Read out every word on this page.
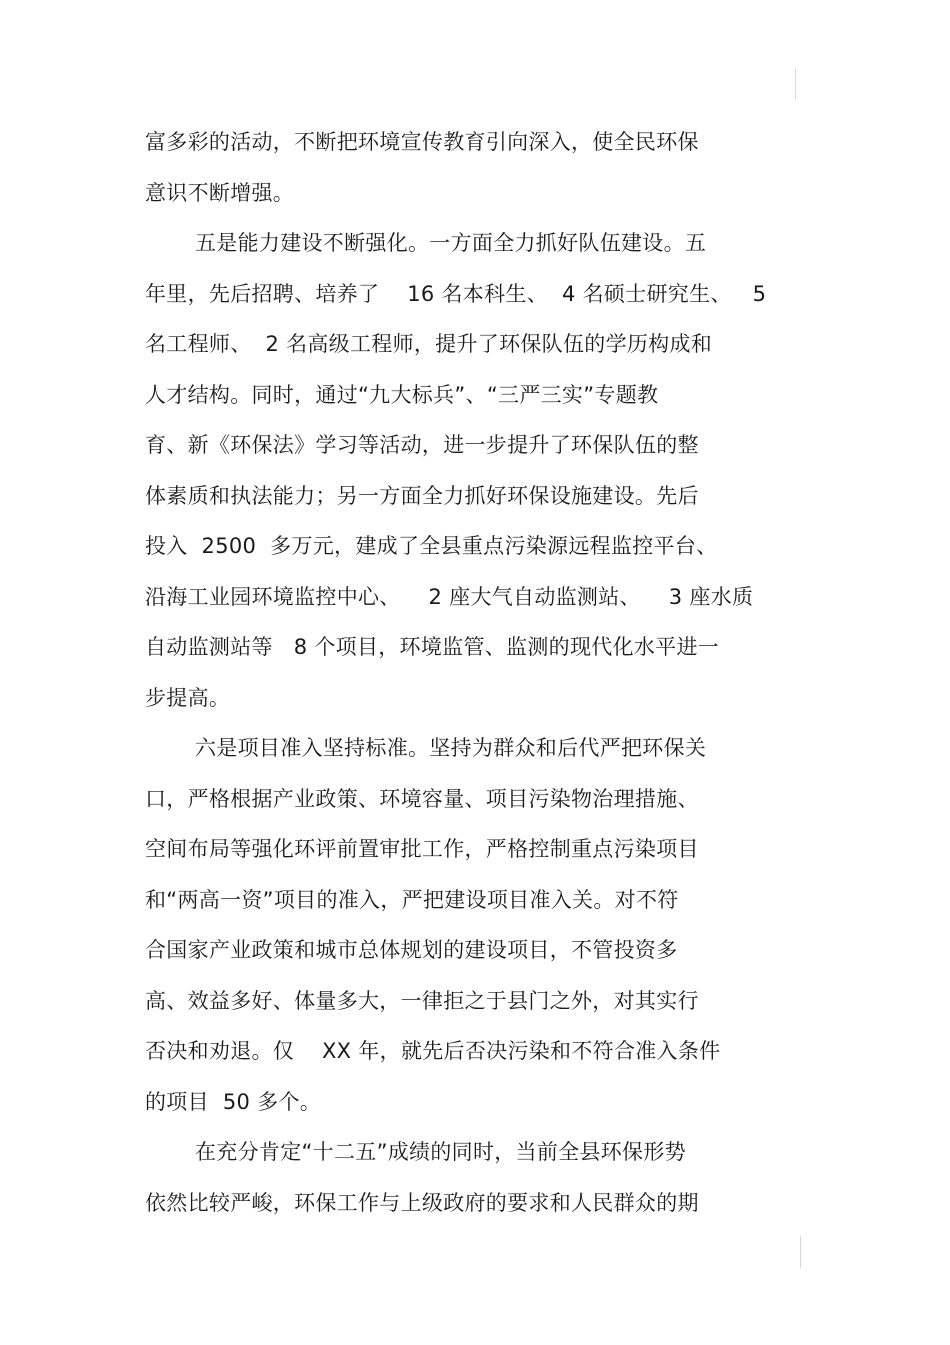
富多彩的活动，不断把环境宣传教育引向深入，使全民环保
意识不断增强。
五是能力建设不断强化。一方面全力抓好队伍建设。五
年里，先后招聘、培养了    16 名本科生、  4 名硕士研究生、   5
名工程师、  2 名高级工程师，提升了环保队伍的学历构成和
人才结构。同时，通过“九大标兵”、“三严三实”专题教
育、新《环保法》学习等活动，进一步提升了环保队伍的整
体素质和执法能力；另一方面全力抓好环保设施建设。先后
投入  2500  多万元，建成了全县重点污染源远程监控平台、
沿海工业园环境监控中心、    2 座大气自动监测站、    3 座水质
自动监测站等   8 个项目，环境监管、监测的现代化水平进一
步提高。
六是项目准入坚持标准。坚持为群众和后代严把环保关
口，严格根据产业政策、环境容量、项目污染物治理措施、
空间布局等强化环评前置审批工作，严格控制重点污染项目
和“两高一资”项目的准入，严把建设项目准入关。对不符
合国家产业政策和城市总体规划的建设项目，不管投资多
高、效益多好、体量多大，一律拒之于县门之外，对其实行
否决和劝退。仅    XX 年，就先后否决污染和不符合准入条件
的项目  50 多个。
在充分肯定“十二五”成绩的同时，当前全县环保形势
依然比较严峻，环保工作与上级政府的要求和人民群众的期
